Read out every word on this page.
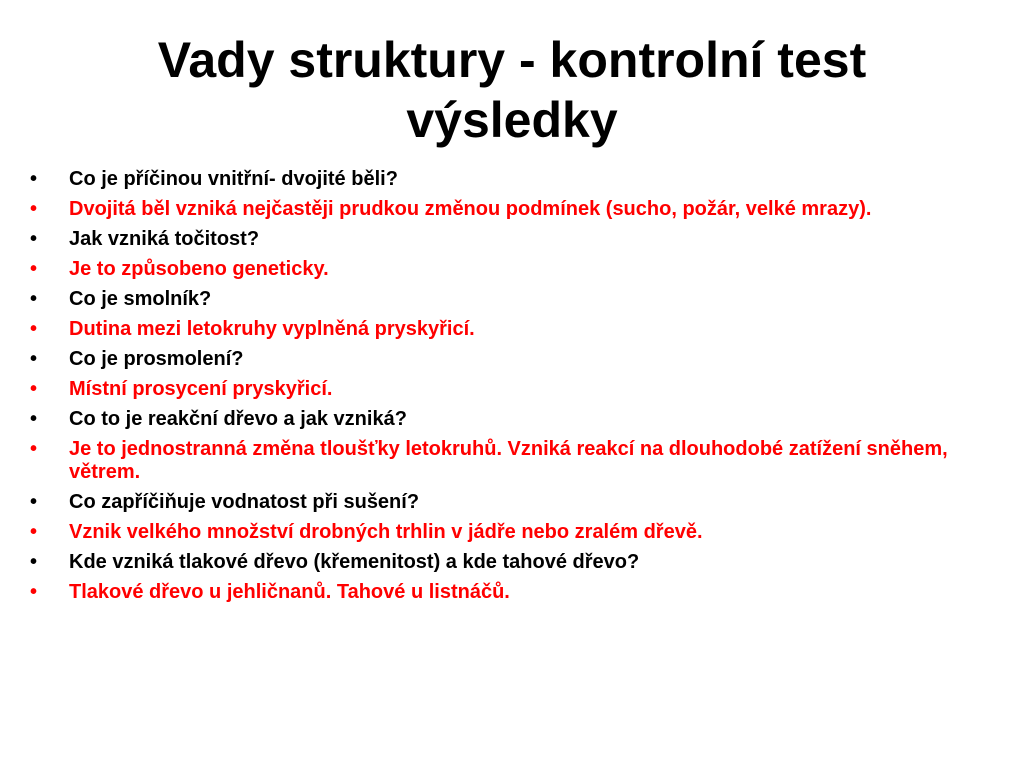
Vady struktury - kontrolní test
výsledky
•	Co je příčinou vnitřní- dvojité běli?
•	Dvojitá běl vzniká nejčastěji prudkou změnou podmínek (sucho, požár, velké mrazy).
•	Jak vzniká točitost?
•	Je to způsobeno geneticky.
•	Co je smolník?
•	Dutina mezi letokruhy vyplněná pryskyřicí.
•	Co je prosmolení?
•	Místní prosycení pryskyřicí.
•	Co to je reakční dřevo a jak vzniká?
•	Je to jednostranná změna tloušťky letokruhů. Vzniká reakcí na dlouhodobé zatížení sněhem, větrem.
•	Co zapříčiňuje vodnatost při sušení?
•	Vznik velkého množství drobných trhlin v jádře nebo zralém dřevě.
•	Kde vzniká tlakové dřevo (křemenitost) a kde tahové dřevo?
•	Tlakové dřevo u jehličnanů. Tahové u listnáčů.
